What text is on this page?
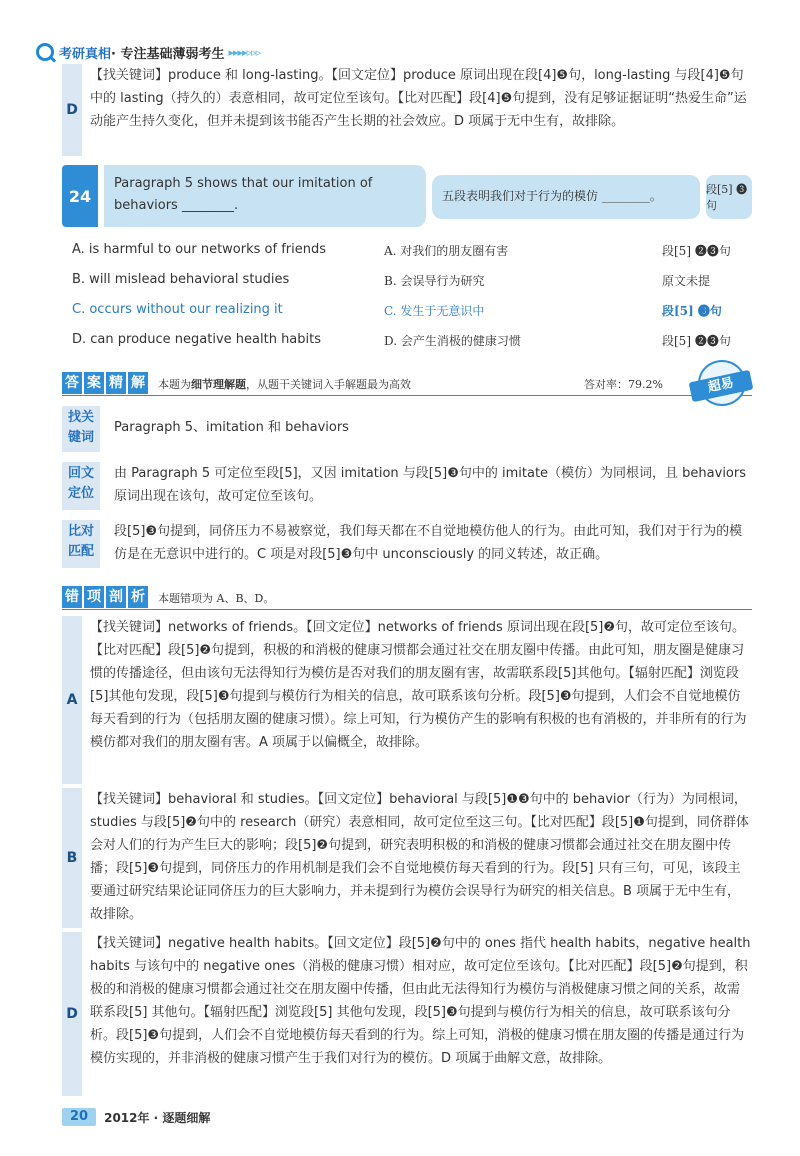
考研真相 · 专注基础薄弱考生 ▸▸▸▸▹▹▹
D
【找关键词】produce 和 long-lasting。【回文定位】produce 原词出现在段[4]❺句，long-lasting 与段[4]❺句中的 lasting（持久的）表意相同，故可定位至该句。【比对匹配】段[4]❺句提到，没有足够证据证明“热爱生命”运动能产生持久变化，但并未提到该书能否产生长期的社会效应。D 项属于无中生有，故排除。
24
Paragraph 5 shows that our imitation of behaviors ________.
五段表明我们对于行为的模仿 ________。	段[5] ❸句
A. is harmful to our networks of friends	A. 对我们的朋友圈有害	段[5] ❷❸句
B. will mislead behavioral studies	B. 会误导行为研究	原文未提
C. occurs without our realizing it	C. 发生于无意识中	段[5] ❸句
D. can produce negative health habits	D. 会产生消极的健康习惯	段[5] ❷❸句
答 案 精 解 本题为细节理解题，从题干关键词入手解题最为高效	答对率：79.2%	超易
找关键词
Paragraph 5、imitation 和 behaviors
回文定位
由 Paragraph 5 可定位至段[5]，又因 imitation 与段[5]❸句中的 imitate（模仿）为同根词，且 behaviors 原词出现在该句，故可定位至该句。
比对匹配
段[5]❸句提到，同侪压力不易被察觉，我们每天都在不自觉地模仿他人的行为。由此可知，我们对于行为的模仿是在无意识中进行的。C 项是对段[5]❸句中 unconsciously 的同义转述，故正确。
错 项 剖 析 本题错项为 A、B、D。
A
【找关键词】networks of friends。【回文定位】networks of friends 原词出现在段[5]❷句，故可定位至该句。【比对匹配】段[5]❷句提到，积极的和消极的健康习惯都会通过社交在朋友圈中传播。由此可知，朋友圈是健康习惯的传播途径，但由该句无法得知行为模仿是否对我们的朋友圈有害，故需联系段[5]其他句。【辐射匹配】浏览段[5]其他句发现，段[5]❸句提到与模仿行为相关的信息，故可联系该句分析。段[5]❸句提到，人们会不自觉地模仿每天看到的行为（包括朋友圈的健康习惯）。综上可知，行为模仿产生的影响有积极的也有消极的，并非所有的行为模仿都对我们的朋友圈有害。A 项属于以偏概全，故排除。
B
【找关键词】behavioral 和 studies。【回文定位】behavioral 与段[5]❶❸句中的 behavior（行为）为同根词，studies 与段[5]❷句中的 research（研究）表意相同，故可定位至这三句。【比对匹配】段[5]❶句提到，同侪群体会对人们的行为产生巨大的影响；段[5]❷句提到，研究表明积极的和消极的健康习惯都会通过社交在朋友圈中传播；段[5]❸句提到，同侪压力的作用机制是我们会不自觉地模仿每天看到的行为。段[5] 只有三句，可见，该段主要通过研究结果论证同侪压力的巨大影响力，并未提到行为模仿会误导行为研究的相关信息。B 项属于无中生有，故排除。
D
【找关键词】negative health habits。【回文定位】段[5]❷句中的 ones 指代 health habits，negative health habits 与该句中的 negative ones（消极的健康习惯）相对应，故可定位至该句。【比对匹配】段[5]❷句提到，积极的和消极的健康习惯都会通过社交在朋友圈中传播，但由此无法得知行为模仿与消极健康习惯之间的关系，故需联系段[5] 其他句。【辐射匹配】浏览段[5] 其他句发现，段[5]❸句提到与模仿行为相关的信息，故可联系该句分析。段[5]❸句提到，人们会不自觉地模仿每天看到的行为。综上可知，消极的健康习惯在朋友圈的传播是通过行为模仿实现的，并非消极的健康习惯产生于我们对行为的模仿。D 项属于曲解文意，故排除。
20	2012年 · 逐题细解
